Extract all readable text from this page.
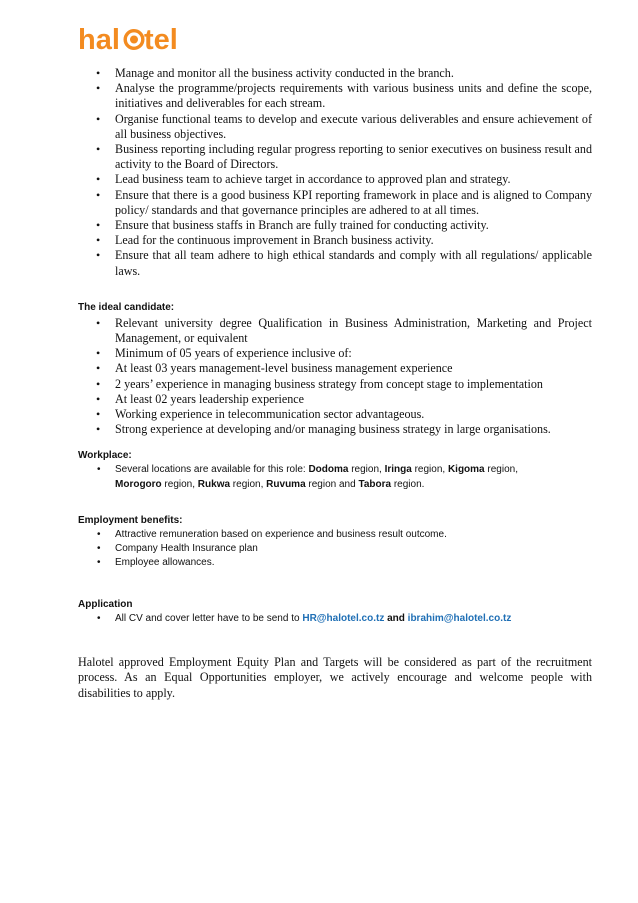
hal tel
• Manage and monitor all the business activity conducted in the branch.
• Analyse the programme/projects requirements with various business units and define the scope, initiatives and deliverables for each stream.
• Organise functional teams to develop and execute various deliverables and ensure achievement of all business objectives.
• Business reporting including regular progress reporting to senior executives on business result and activity to the Board of Directors.
• Lead business team to achieve target in accordance to approved plan and strategy.
• Ensure that there is a good business KPI reporting framework in place and is aligned to Company policy/ standards and that governance principles are adhered to at all times.
• Ensure that business staffs in Branch are fully trained for conducting activity.
• Lead for the continuous improvement in Branch business activity.
• Ensure that all team adhere to high ethical standards and comply with all regulations/ applicable laws.
The ideal candidate:
• Relevant university degree Qualification in Business Administration, Marketing and Project Management, or equivalent
• Minimum of 05 years of experience inclusive of:
• At least 03 years management-level business management experience
• 2 years’ experience in managing business strategy from concept stage to implementation
• At least 02 years leadership experience
• Working experience in telecommunication sector advantageous.
• Strong experience at developing and/or managing business strategy in large organisations.
Workplace:
• Several locations are available for this role: Dodoma region, Iringa region, Kigoma region,
Morogoro region, Rukwa region, Ruvuma region and Tabora region.
Employment benefits:
• Attractive remuneration based on experience and business result outcome.
• Company Health Insurance plan
• Employee allowances.
Application
• All CV and cover letter have to be send to HR@halotel.co.tz and ibrahim@halotel.co.tz

Halotel approved Employment Equity Plan and Targets will be considered as part of the recruitment process. As an Equal Opportunities employer, we actively encourage and welcome people with disabilities to apply.
